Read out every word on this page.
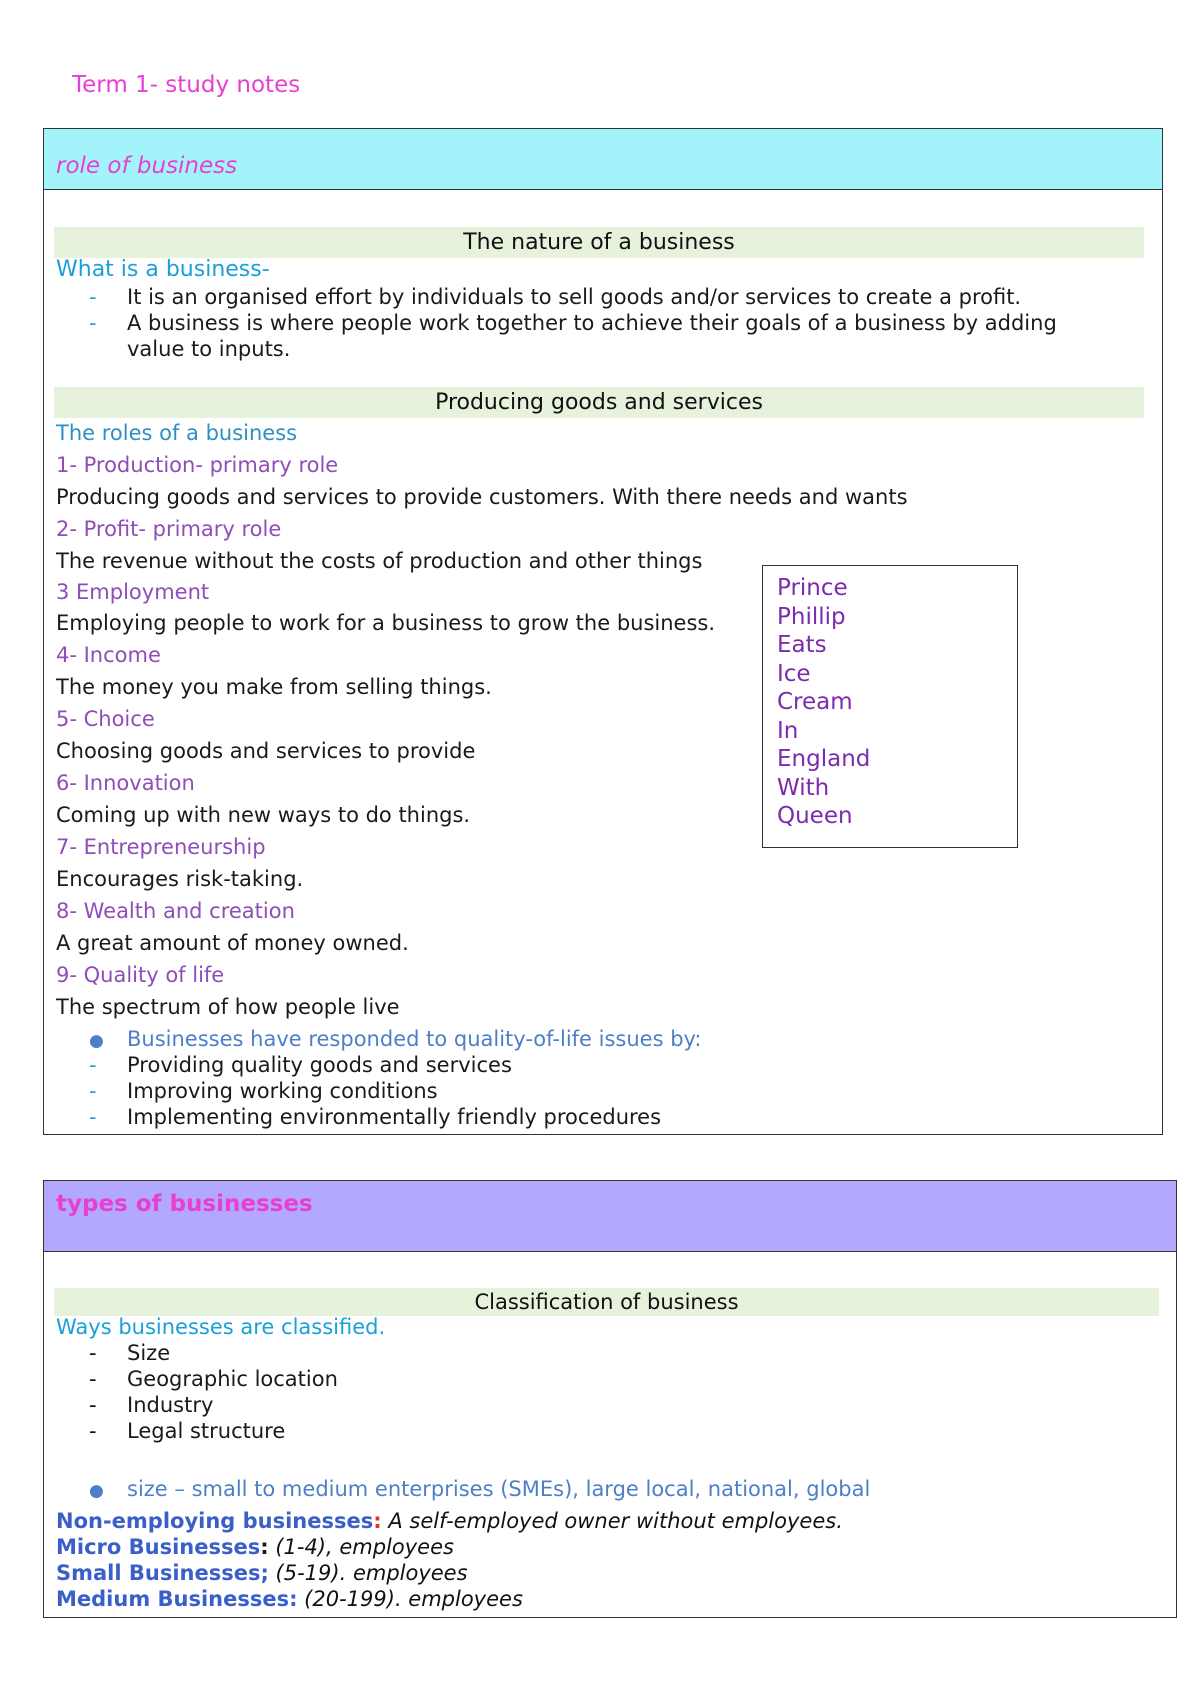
Term 1- study notes
role of business
The nature of a business
What is a business-
- It is an organised effort by individuals to sell goods and/or services to create a profit.
- A business is where people work together to achieve their goals of a business by adding
value to inputs.
Producing goods and services
The roles of a business
1- Production- primary role
Producing goods and services to provide customers. With there needs and wants
2- Profit- primary role
The revenue without the costs of production and other things
3 Employment
Employing people to work for a business to grow the business.
4- Income
The money you make from selling things.
5- Choice
Choosing goods and services to provide
6- Innovation
Coming up with new ways to do things.
7- Entrepreneurship
Encourages risk-taking.
8- Wealth and creation
A great amount of money owned.
9- Quality of life
The spectrum of how people live
● Businesses have responded to quality-of-life issues by:
- Providing quality goods and services
- Improving working conditions
- Implementing environmentally friendly procedures
Prince
Phillip
Eats
Ice
Cream
In
England
With
Queen
types of businesses
Classification of business
Ways businesses are classified.
- Size
- Geographic location
- Industry
- Legal structure
● size – small to medium enterprises (SMEs), large local, national, global
Non-employing businesses: A self-employed owner without employees.
Micro Businesses: (1-4), employees
Small Businesses; (5-19). employees
Medium Businesses: (20-199). employees
